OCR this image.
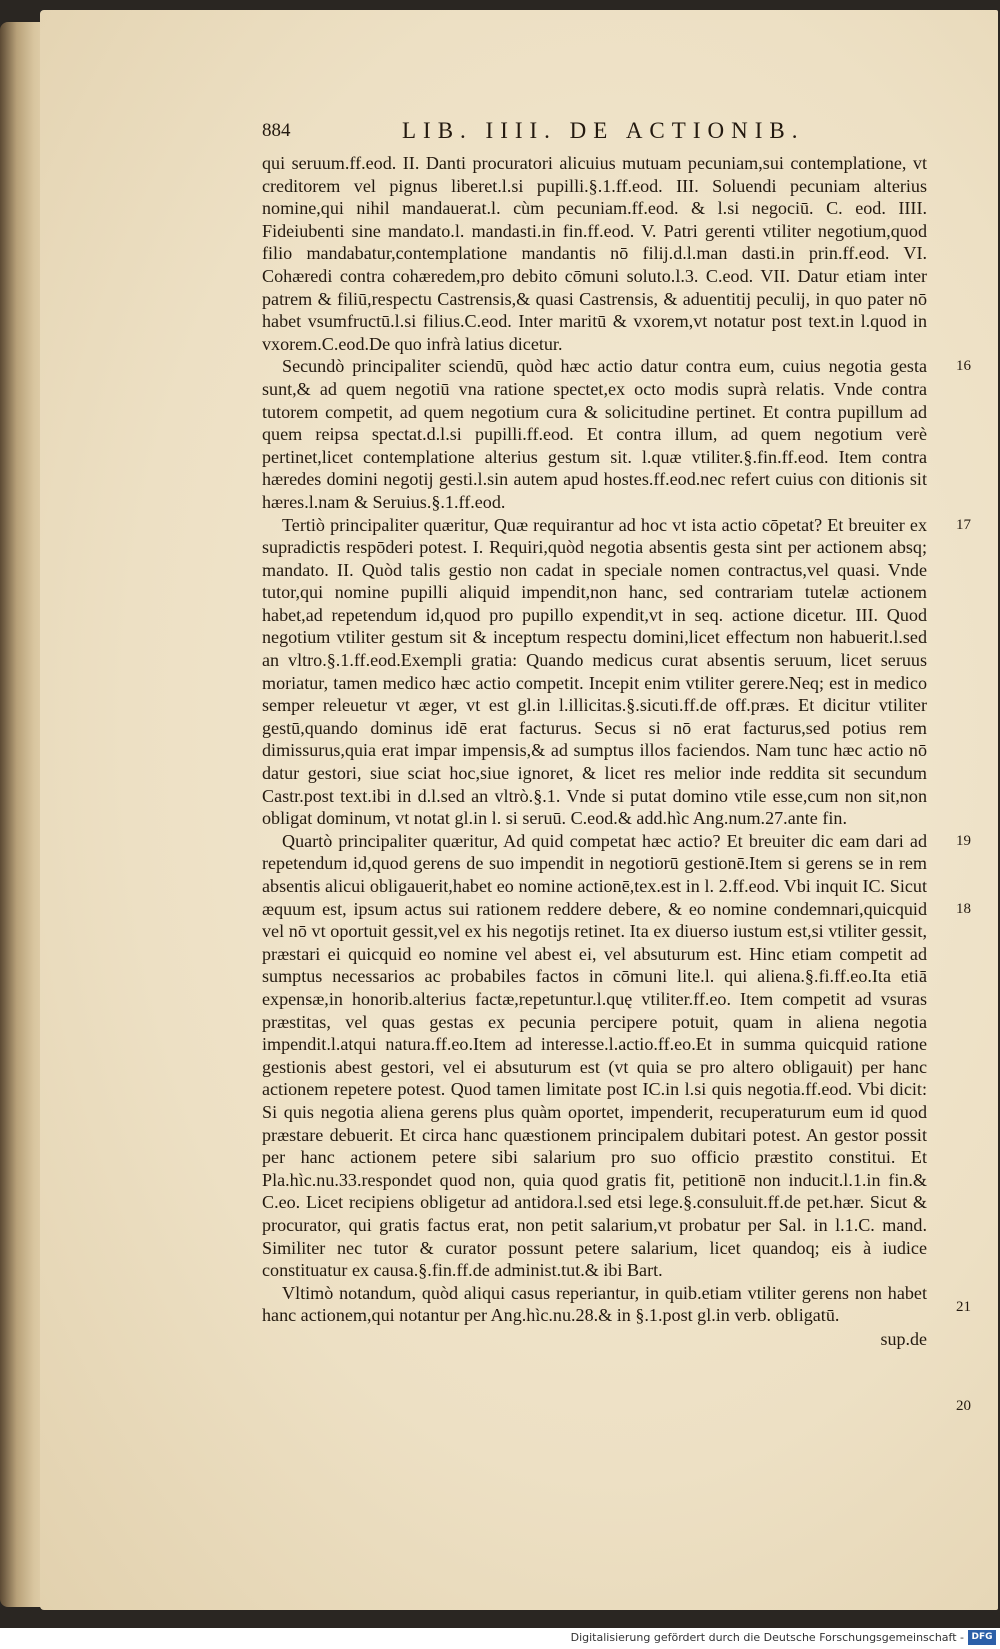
884	LIB. IIII. DE ACTIONIB.

qui seruum.ff.eod. II. Danti procuratori alicuius mutuam pecuniam,sui contemplatione, vt creditorem vel pignus liberet.l.si pupilli.§.1.ff.eod. III. Soluendi pecuniam alterius nomine,qui nihil mandauerat.l. cùm pecuniam.ff.eod. & l.si negociū. C. eod. IIII. Fideiubenti sine mandato.l. mandasti.in fin.ff.eod. V. Patri gerenti vtiliter negotium,quod filio mandabatur,contemplatione mandantis nō filij.d.l.man dasti.in prin.ff.eod. VI. Cohæredi contra cohæredem,pro debito cōmuni soluto.l.3. C.eod. VII. Datur etiam inter patrem & filiū,respectu Castrensis,& quasi Castrensis, & aduentitij peculij, in quo pater nō habet vsumfructū.l.si filius.C.eod. Inter maritū & vxorem,vt notatur post text.in l.quod in vxorem.C.eod.De quo infrà latius dicetur.

16
Secundò principaliter sciendū, quòd hæc actio datur contra eum, cuius negotia gesta sunt,& ad quem negotiū vna ratione spectet,ex octo modis suprà relatis. Vnde contra tutorem competit, ad quem negotium cura & solicitudine pertinet. Et contra pupillum ad quem reipsa spectat.d.l.si pupilli.ff.eod. Et contra illum, ad quem negotium verè pertinet,licet contemplatione alterius gestum sit. l.quæ vtiliter.§.fin.ff.eod. Item contra hæredes domini negotij gesti.l.sin autem apud hostes.ff.eod.nec refert cuius con ditionis sit hæres.l.nam & Seruius.§.1.ff.eod.

17
18
Tertiò principaliter quæritur, Quæ requirantur ad hoc vt ista actio cōpetat? Et breuiter ex supradictis respōderi potest. I. Requiri,quòd negotia absentis gesta sint per actionem absq; mandato. II. Quòd talis gestio non cadat in speciale nomen contractus,vel quasi. Vnde tutor,qui nomine pupilli aliquid impendit,non hanc, sed contrariam tutelæ actionem habet,ad repetendum id,quod pro pupillo expendit,vt in seq. actione dicetur. III. Quod negotium vtiliter gestum sit & inceptum respectu domini,licet effectum non habuerit.l.sed an vltro.§.1.ff.eod.Exempli gratia: Quando medicus curat absentis seruum, licet seruus moriatur, tamen medico hæc actio competit. Incepit enim vtiliter gerere.Neq; est in medico semper releuetur vt æger, vt est gl.in l.illicitas.§.sicuti.ff.de off.præs. Et dicitur vtiliter gestū,quando dominus idē erat facturus. Secus si nō erat facturus,sed potius rem dimissurus,quia erat impar impensis,& ad sumptus illos faciendos. Nam tunc hæc actio nō datur gestori, siue sciat hoc,siue ignoret, & licet res melior inde reddita sit secundum Castr.post text.ibi in d.l.sed an vltrò.§.1. Vnde si putat domino vtile esse,cum non sit,non obligat dominum, vt notat gl.in l. si seruū. C.eod.& add.hìc Ang.num.27.ante fin.

19
20
Quartò principaliter quæritur, Ad quid competat hæc actio? Et breuiter dic eam dari ad repetendum id,quod gerens de suo impendit in negotiorū gestionē.Item si gerens se in rem absentis alicui obligauerit,habet eo nomine actionē,tex.est in l. 2.ff.eod. Vbi inquit IC. Sicut æquum est, ipsum actus sui rationem reddere debere, & eo nomine condemnari,quicquid vel nō vt oportuit gessit,vel ex his negotijs retinet. Ita ex diuerso iustum est,si vtiliter gessit, præstari ei quicquid eo nomine vel abest ei, vel absuturum est. Hinc etiam competit ad sumptus necessarios ac probabiles factos in cōmuni lite.l. qui aliena.§.fi.ff.eo.Ita etiā expensæ,in honorib.alterius factæ,repetuntur.l.quę vtiliter.ff.eo. Item competit ad vsuras præstitas, vel quas gestas ex pecunia percipere potuit, quam in aliena negotia impendit.l.atqui natura.ff.eo.Item ad interesse.l.actio.ff.eo.Et in summa quicquid ratione gestionis abest gestori, vel ei absuturum est (vt quia se pro altero obligauit) per hanc actionem repetere potest. Quod tamen limitate post IC.in l.si quis negotia.ff.eod. Vbi dicit: Si quis negotia aliena gerens plus quàm oportet, impenderit, recuperaturum eum id quod præstare debuerit. Et circa hanc quæstionem principalem dubitari potest. An gestor possit per hanc actionem petere sibi salarium pro suo officio præstito constitui. Et Pla.hìc.nu.33.respondet quod non, quia quod gratis fit, petitionē non inducit.l.1.in fin.& C.eo. Licet recipiens obligetur ad antidora.l.sed etsi lege.§.consuluit.ff.de pet.hær. Sicut & procurator, qui gratis factus erat, non petit salarium,vt probatur per Sal. in l.1.C. mand. Similiter nec tutor & curator possunt petere salarium, licet quandoq; eis à iudice constituatur ex causa.§.fin.ff.de administ.tut.& ibi Bart.

21
Vltimò notandum, quòd aliqui casus reperiantur, in quib.etiam vtiliter gerens non habet hanc actionem,qui notantur per Ang.hìc.nu.28.& in §.1.post gl.in verb. obligatū.

sup.de
Digitalisierung gefördert durch die Deutsche Forschungsgemeinschaft - DFG
